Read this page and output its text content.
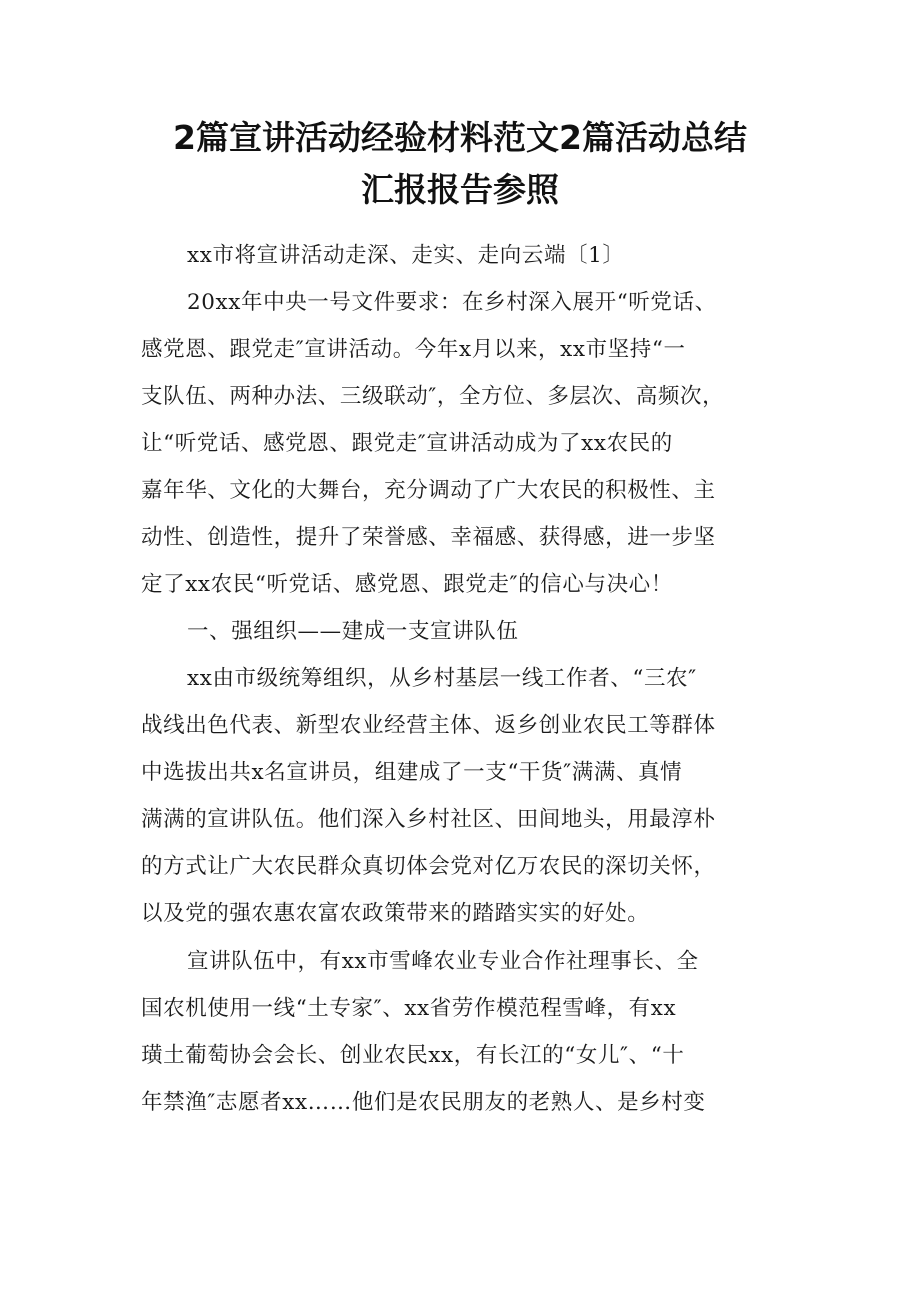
2篇宣讲活动经验材料范文2篇活动总结
汇报报告参照

xx市将宣讲活动走深、走实、走向云端〔1〕

20xx年中央一号文件要求：在乡村深入展开“听党话、
感党恩、跟党走″宣讲活动。今年x月以来，xx市坚持“一
支队伍、两种办法、三级联动″，全方位、多层次、高频次，
让“听党话、感党恩、跟党走″宣讲活动成为了xx农民的
嘉年华、文化的大舞台，充分调动了广大农民的积极性、主
动性、创造性，提升了荣誉感、幸福感、获得感，进一步坚
定了xx农民“听党话、感党恩、跟党走″的信心与决心！

一、强组织——建成一支宣讲队伍

xx由市级统筹组织，从乡村基层一线工作者、“三农″
战线出色代表、新型农业经营主体、返乡创业农民工等群体
中选拔出共x名宣讲员，组建成了一支“干货″满满、真情
满满的宣讲队伍。他们深入乡村社区、田间地头，用最淳朴
的方式让广大农民群众真切体会党对亿万农民的深切关怀，
以及党的强农惠农富农政策带来的踏踏实实的好处。

宣讲队伍中，有xx市雪峰农业专业合作社理事长、全
国农机使用一线“土专家″、xx省劳作模范程雪峰，有xx
璜土葡萄协会会长、创业农民xx，有长江的“女儿″、“十
年禁渔″志愿者xx……他们是农民朋友的老熟人、是乡村变
